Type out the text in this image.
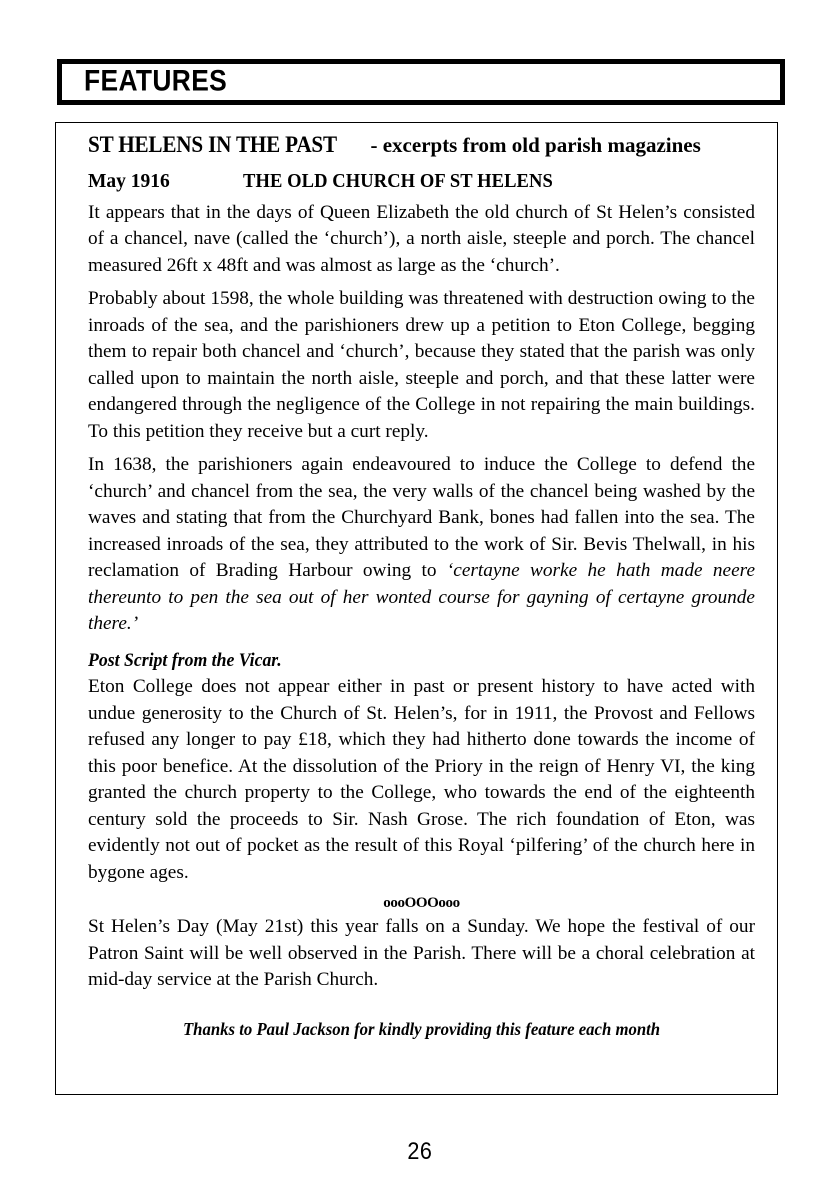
FEATURES
ST HELENS IN THE PAST - excerpts from old parish magazines
May 1916	THE OLD CHURCH OF ST HELENS

It appears that in the days of Queen Elizabeth the old church of St Helen’s consisted of a chancel, nave (called the ‘church’), a north aisle, steeple and porch. The chancel measured 26ft x 48ft and was almost as large as the ‘church’.

Probably about 1598, the whole building was threatened with destruction owing to the inroads of the sea, and the parishioners drew up a petition to Eton College, begging them to repair both chancel and ‘church’, because they stated that the parish was only called upon to maintain the north aisle, steeple and porch, and that these latter were endangered through the negligence of the College in not repairing the main buildings. To this petition they receive but a curt reply.

In 1638, the parishioners again endeavoured to induce the College to defend the ‘church’ and chancel from the sea, the very walls of the chancel being washed by the waves and stating that from the Churchyard Bank, bones had fallen into the sea. The increased inroads of the sea, they attributed to the work of Sir. Bevis Thelwall, in his reclamation of Brading Harbour owing to ‘certayne worke he hath made neere thereunto to pen the sea out of her wonted course for gayning of certayne grounde there.’

Post Script from the Vicar.

Eton College does not appear either in past or present history to have acted with undue generosity to the Church of St. Helen’s, for in 1911, the Provost and Fellows refused any longer to pay £18, which they had hitherto done towards the income of this poor benefice. At the dissolution of the Priory in the reign of Henry VI, the king granted the church property to the College, who towards the end of the eighteenth century sold the proceeds to Sir. Nash Grose. The rich foundation of Eton, was evidently not out of pocket as the result of this Royal ‘pilfering’ of the church here in bygone ages.

oooOOOooo

St Helen’s Day (May 21st) this year falls on a Sunday. We hope the festival of our Patron Saint will be well observed in the Parish. There will be a choral celebration at mid-day service at the Parish Church.

Thanks to Paul Jackson for kindly providing this feature each month
26
